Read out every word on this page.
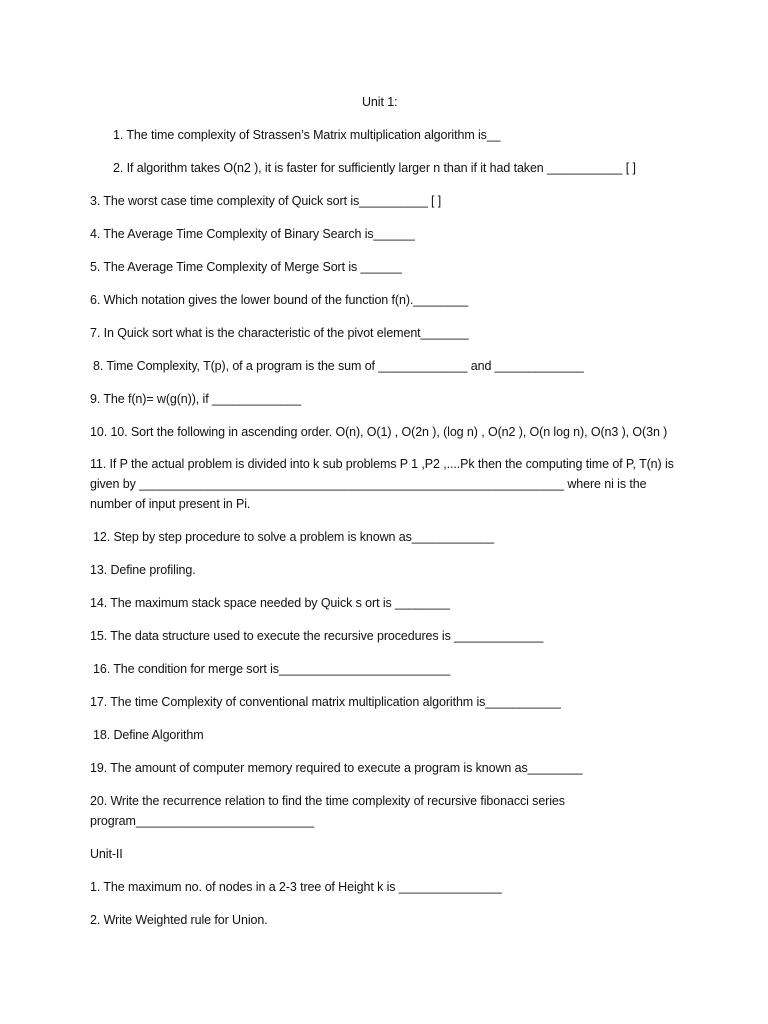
Unit 1:
1. The time complexity of Strassen’s Matrix multiplication algorithm is__
2. If algorithm takes O(n2 ), it is faster for sufficiently larger n than if it had taken ___________ [ ]
3. The worst case time complexity of Quick sort is__________ [ ]
4. The Average Time Complexity of Binary Search is______
5. The Average Time Complexity of Merge Sort is ______
6. Which notation gives the lower bound of the function f(n).________
7. In Quick sort what is the characteristic of the pivot element_______
8. Time Complexity, T(p), of a program is the sum of _____________ and _____________
9. The f(n)= w(g(n)), if _____________
10. 10. Sort the following in ascending order. O(n), O(1) , O(2n ), (log n) , O(n2 ), O(n log n), O(n3 ), O(3n )
11. If P the actual problem is divided into k sub problems P 1 ,P2 ,....Pk then the computing time of P, T(n) is given by ______________________________________________________________ where ni is the number of input present in Pi.
12. Step by step procedure to solve a problem is known as____________
13. Define profiling.
14. The maximum stack space needed by Quick s ort is ________
15. The data structure used to execute the recursive procedures is _____________
16. The condition for merge sort is_________________________
17. The time Complexity of conventional matrix multiplication algorithm is___________
18. Define Algorithm
19. The amount of computer memory required to execute a program is known as________
20. Write the recurrence relation to find the time complexity of recursive fibonacci series program__________________________
Unit-II
1. The maximum no. of nodes in a 2-3 tree of Height k is _______________
2. Write Weighted rule for Union.
